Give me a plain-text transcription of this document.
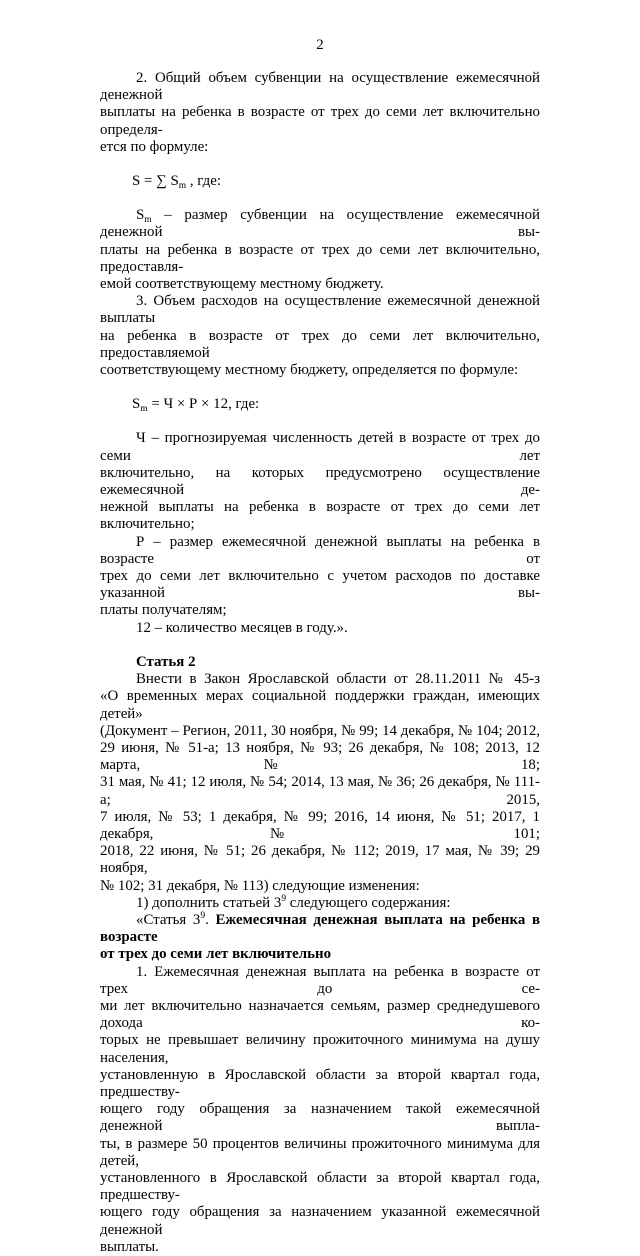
2

2. Общий объем субвенции на осуществление ежемесячной денежной

выплаты на ребенка в возрасте от трех до семи лет включительно определя-

ется по формуле:

S = ∑ $S_m$ , где:

$S_m$ – размер субвенции на осуществление ежемесячной денежной вы-

платы на ребенка в возрасте от трех до семи лет включительно, предоставля-

емой соответствующему местному бюджету.

3. Объем расходов на осуществление ежемесячной денежной выплаты

на ребенка в возрасте от трех до семи лет включительно, предоставляемой

соответствующему местному бюджету, определяется по формуле:

$S_m = Ч \times Р \times 12$, где:

Ч – прогнозируемая численность детей в возрасте от трех до семи лет

включительно, на которых предусмотрено осуществление ежемесячной де-

нежной выплаты на ребенка в возрасте от трех до семи лет включительно;

Р – размер ежемесячной денежной выплаты на ребенка в возрасте от

трех до семи лет включительно с учетом расходов по доставке указанной вы-

платы получателям;

12 – количество месяцев в году.».

Статья 2

Внести в Закон Ярославской области от 28.11.2011 № 45-з

«О временных мерах социальной поддержки граждан, имеющих детей»

(Документ – Регион, 2011, 30 ноября, № 99; 14 декабря, № 104; 2012,

29 июня, № 51-а; 13 ноября, № 93; 26 декабря, № 108; 2013, 12 марта, № 18;

31 мая, № 41; 12 июля, № 54; 2014, 13 мая, № 36; 26 декабря, № 111-а; 2015,

7 июля, № 53; 1 декабря, № 99; 2016, 14 июня, № 51; 2017, 1 декабря, № 101;

2018, 22 июня, № 51; 26 декабря, № 112; 2019, 17 мая, № 39; 29 ноября,

№ 102; 31 декабря, № 113) следующие изменения:

1) дополнить статьей $3^9$ следующего содержания:

«Статья $3^9$. Ежемесячная денежная выплата на ребенка в возрасте

от трех до семи лет включительно

1. Ежемесячная денежная выплата на ребенка в возрасте от трех до се-

ми лет включительно назначается семьям, размер среднедушевого дохода ко-

торых не превышает величину прожиточного минимума на душу населения,

установленную в Ярославской области за второй квартал года, предшеству-

ющего году обращения за назначением такой ежемесячной денежной выпла-

ты, в размере 50 процентов величины прожиточного минимума для детей,

установленного в Ярославской области за второй квартал года, предшеству-

ющего году обращения за назначением указанной ежемесячной денежной

выплаты.
